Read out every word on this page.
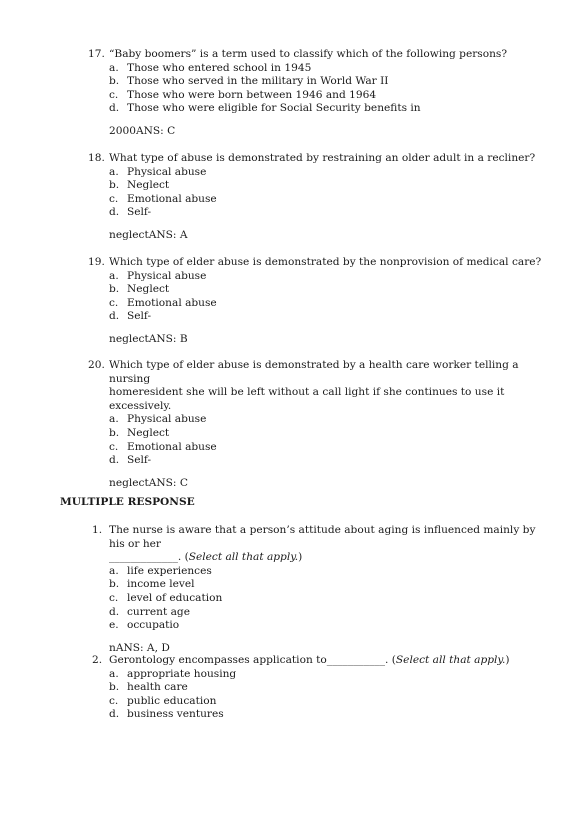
17. “Baby boomers” is a term used to classify which of the following persons?
a. Those who entered school in 1945
b. Those who served in the military in World War II
c. Those who were born between 1946 and 1964
d. Those who were eligible for Social Security benefits in
2000ANS: C
18. What type of abuse is demonstrated by restraining an older adult in a recliner?
a. Physical abuse
b. Neglect
c. Emotional abuse
d. Self-
neglectANS: A
19. Which type of elder abuse is demonstrated by the nonprovision of medical care?
a. Physical abuse
b. Neglect
c. Emotional abuse
d. Self-
neglectANS: B
20. Which type of elder abuse is demonstrated by a health care worker telling a nursing
homeresident she will be left without a call light if she continues to use it
excessively.
a. Physical abuse
b. Neglect
c. Emotional abuse
d. Self-
neglectANS: C
MULTIPLE RESPONSE
1. The nurse is aware that a person’s attitude about aging is influenced mainly by his or her
_____________. (Select all that apply.)
a. life experiences
b. income level
c. level of education
d. current age
e. occupatio
nANS: A, D
2. Gerontology encompasses application to___________. (Select all that apply.)
a. appropriate housing
b. health care
c. public education
d. business ventures
